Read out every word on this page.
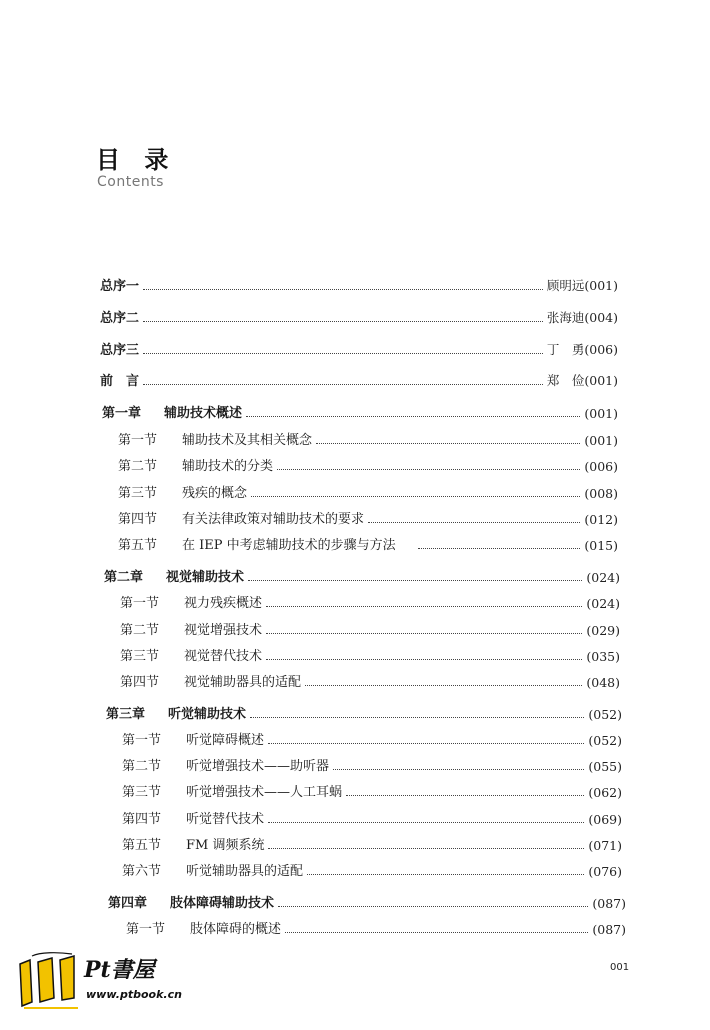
目 录
Contents
总序一	顾明远(001)
总序二	张海迪(004)
总序三	丁　勇(006)
前　言	郑　俭(001)
第一章 辅助技术概述	(001)
第一节 辅助技术及其相关概念	(001)
第二节 辅助技术的分类	(006)
第三节 残疾的概念	(008)
第四节 有关法律政策对辅助技术的要求	(012)
第五节 在 IEP 中考虑辅助技术的步骤与方法	(015)
第二章 视觉辅助技术	(024)
第一节 视力残疾概述	(024)
第二节 视觉增强技术	(029)
第三节 视觉替代技术	(035)
第四节 视觉辅助器具的适配	(048)
第三章 听觉辅助技术	(052)
第一节 听觉障碍概述	(052)
第二节 听觉增强技术——助听器	(055)
第三节 听觉增强技术——人工耳蜗	(062)
第四节 听觉替代技术	(069)
第五节 FM 调频系统	(071)
第六节 听觉辅助器具的适配	(076)
第四章 肢体障碍辅助技术	(087)
第一节 肢体障碍的概述	(087)
001
Pt書屋
www.ptbook.cn
